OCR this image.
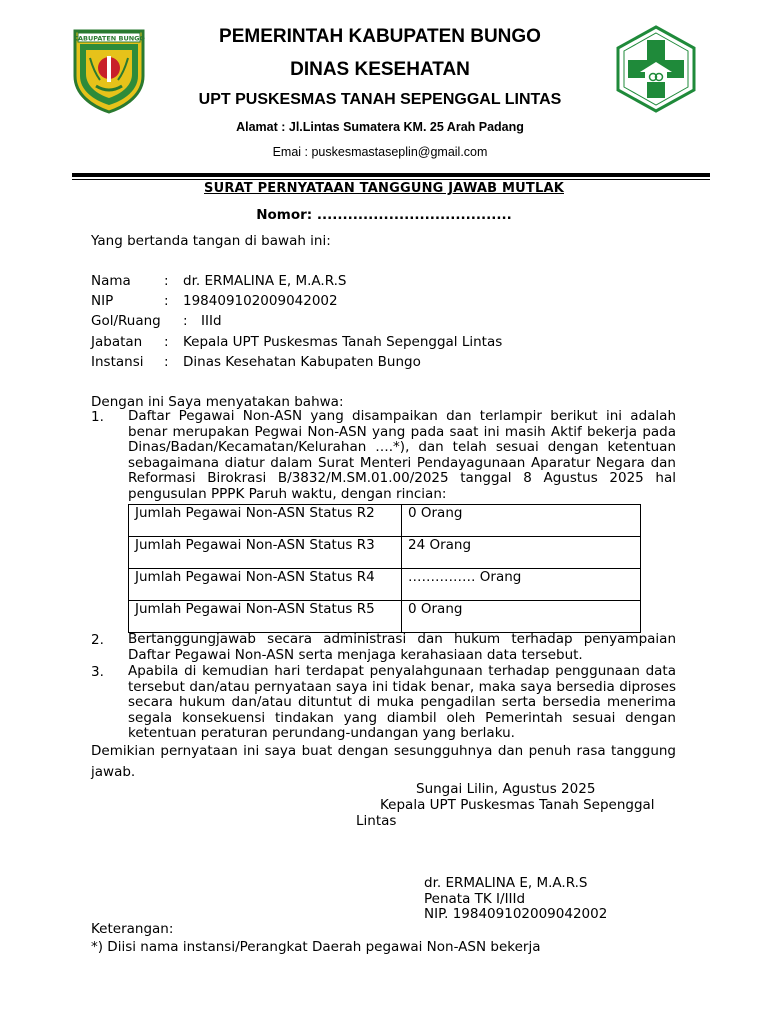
KABUPATEN BUNGO	PEMERINTAH KABUPATEN BUNGO
DINAS KESEHATAN
UPT PUSKESMAS TANAH SEPENGGAL LINTAS
Alamat : Jl.Lintas Sumatera KM. 25 Arah Padang
Emai : puskesmastaseplin@gmail.com
SURAT PERNYATAAN TANGGUNG JAWAB MUTLAK
Nomor: ......................................
Yang bertanda tangan di bawah ini:
Nama : dr. ERMALINA E, M.A.R.S
NIP	: 198409102009042002
Gol/Ruang : IIId
Jabatan : Kepala UPT Puskesmas Tanah Sepenggal Lintas
Instansi : Dinas Kesehatan Kabupaten Bungo
Dengan ini Saya menyatakan bahwa:
1. Daftar Pegawai Non-ASN yang disampaikan dan terlampir berikut ini adalah benar merupakan Pegwai Non-ASN yang pada saat ini masih Aktif bekerja pada Dinas/Badan/Kecamatan/Kelurahan ….*), dan telah sesuai dengan ketentuan sebagaimana diatur dalam Surat Menteri Pendayagunaan Aparatur Negara dan Reformasi Birokrasi B/3832/M.SM.01.00/2025 tanggal 8 Agustus 2025 hal pengusulan PPPK Paruh waktu, dengan rincian:
Jumlah Pegawai Non-ASN Status R2	0 Orang
Jumlah Pegawai Non-ASN Status R3	24 Orang
Jumlah Pegawai Non-ASN Status R4	…………… Orang
Jumlah Pegawai Non-ASN Status R5	0 Orang
2. Bertanggungjawab secara administrasi dan hukum terhadap penyampaian Daftar Pegawai Non-ASN serta menjaga kerahasiaan data tersebut.
3. Apabila di kemudian hari terdapat penyalahgunaan terhadap penggunaan data tersebut dan/atau pernyataan saya ini tidak benar, maka saya bersedia diproses secara hukum dan/atau dituntut di muka pengadilan serta bersedia menerima segala konsekuensi tindakan yang diambil oleh Pemerintah sesuai dengan ketentuan peraturan perundang-undangan yang berlaku.
Demikian pernyataan ini saya buat dengan sesungguhnya dan penuh rasa tanggung jawab.
Sungai Lilin, Agustus 2025
Kepala UPT Puskesmas Tanah Sepenggal
Lintas
dr. ERMALINA E, M.A.R.S
Penata TK I/IIId
NIP. 198409102009042002
Keterangan:
*) Diisi nama instansi/Perangkat Daerah pegawai Non-ASN bekerja
